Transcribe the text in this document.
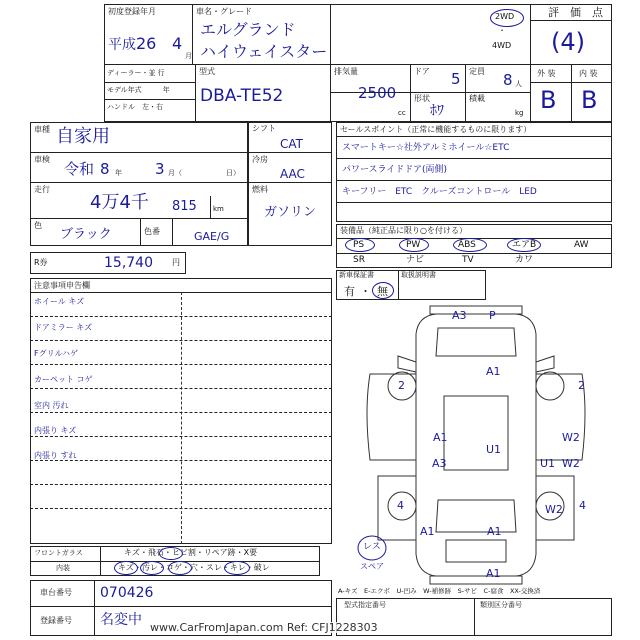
初度登録年月
平成 26 4
月
車名・グレード
エルグランド
ハイウェイスター
2WD
・
4WD
評　価　点
(4)
ディーラー・並 行
モデル年式　　　年
ハンドル　左・右
型式
DBA-TE52
排気量
2500
cc
ドア 5 定員 8 人
形状
ﾎﾜ
積載
kg
外 装	内 装
B B
車種 自家用
車検
令和 8 年 3 月（	日）
走行
4万4千 815 km
色
ブラック	色番	GAE/G
シフト
CAT
冷房
AAC
燃料
ガソリン
セールスポイント（正常に機能するものに限ります）
スマートキー☆社外アルミホイール☆ETC
パワースライドドア(両側)
キーフリー　ETC　クルーズコントロール　LED
装備品（純正品に限り○を付ける）
PS	PW	ABS	エアB	AW
SR	ナビ	TV	カワ
R券	15,740 円
新車保証書	取扱説明書
有 ・ 無
注意事項申告欄
ホイール キズ
ドアミラー キズ
Fグリルハゲ
カーペット コゲ
室内 汚れ
内張り キズ
内張り すれ
フロントガラス	キズ・飛石・ヒビ割・リペア跡・X要
内装	キズ・汚レ・コゲ・穴・スレ・キレ・破レ
車台番号 070426
登録番号 名変中
A-キズ　E-エクボ　U-凹み　W-補修跡　S-サビ　C-腐食　XX-交換済
型式指定番号	類別区分番号
www.CarFromJapan.com Ref: CFJ1228303
レス
スペア
A3 P
A1
2	2
A1
U1
W2
A3	U1 W2
4	W2 4
A1	A1
A1
